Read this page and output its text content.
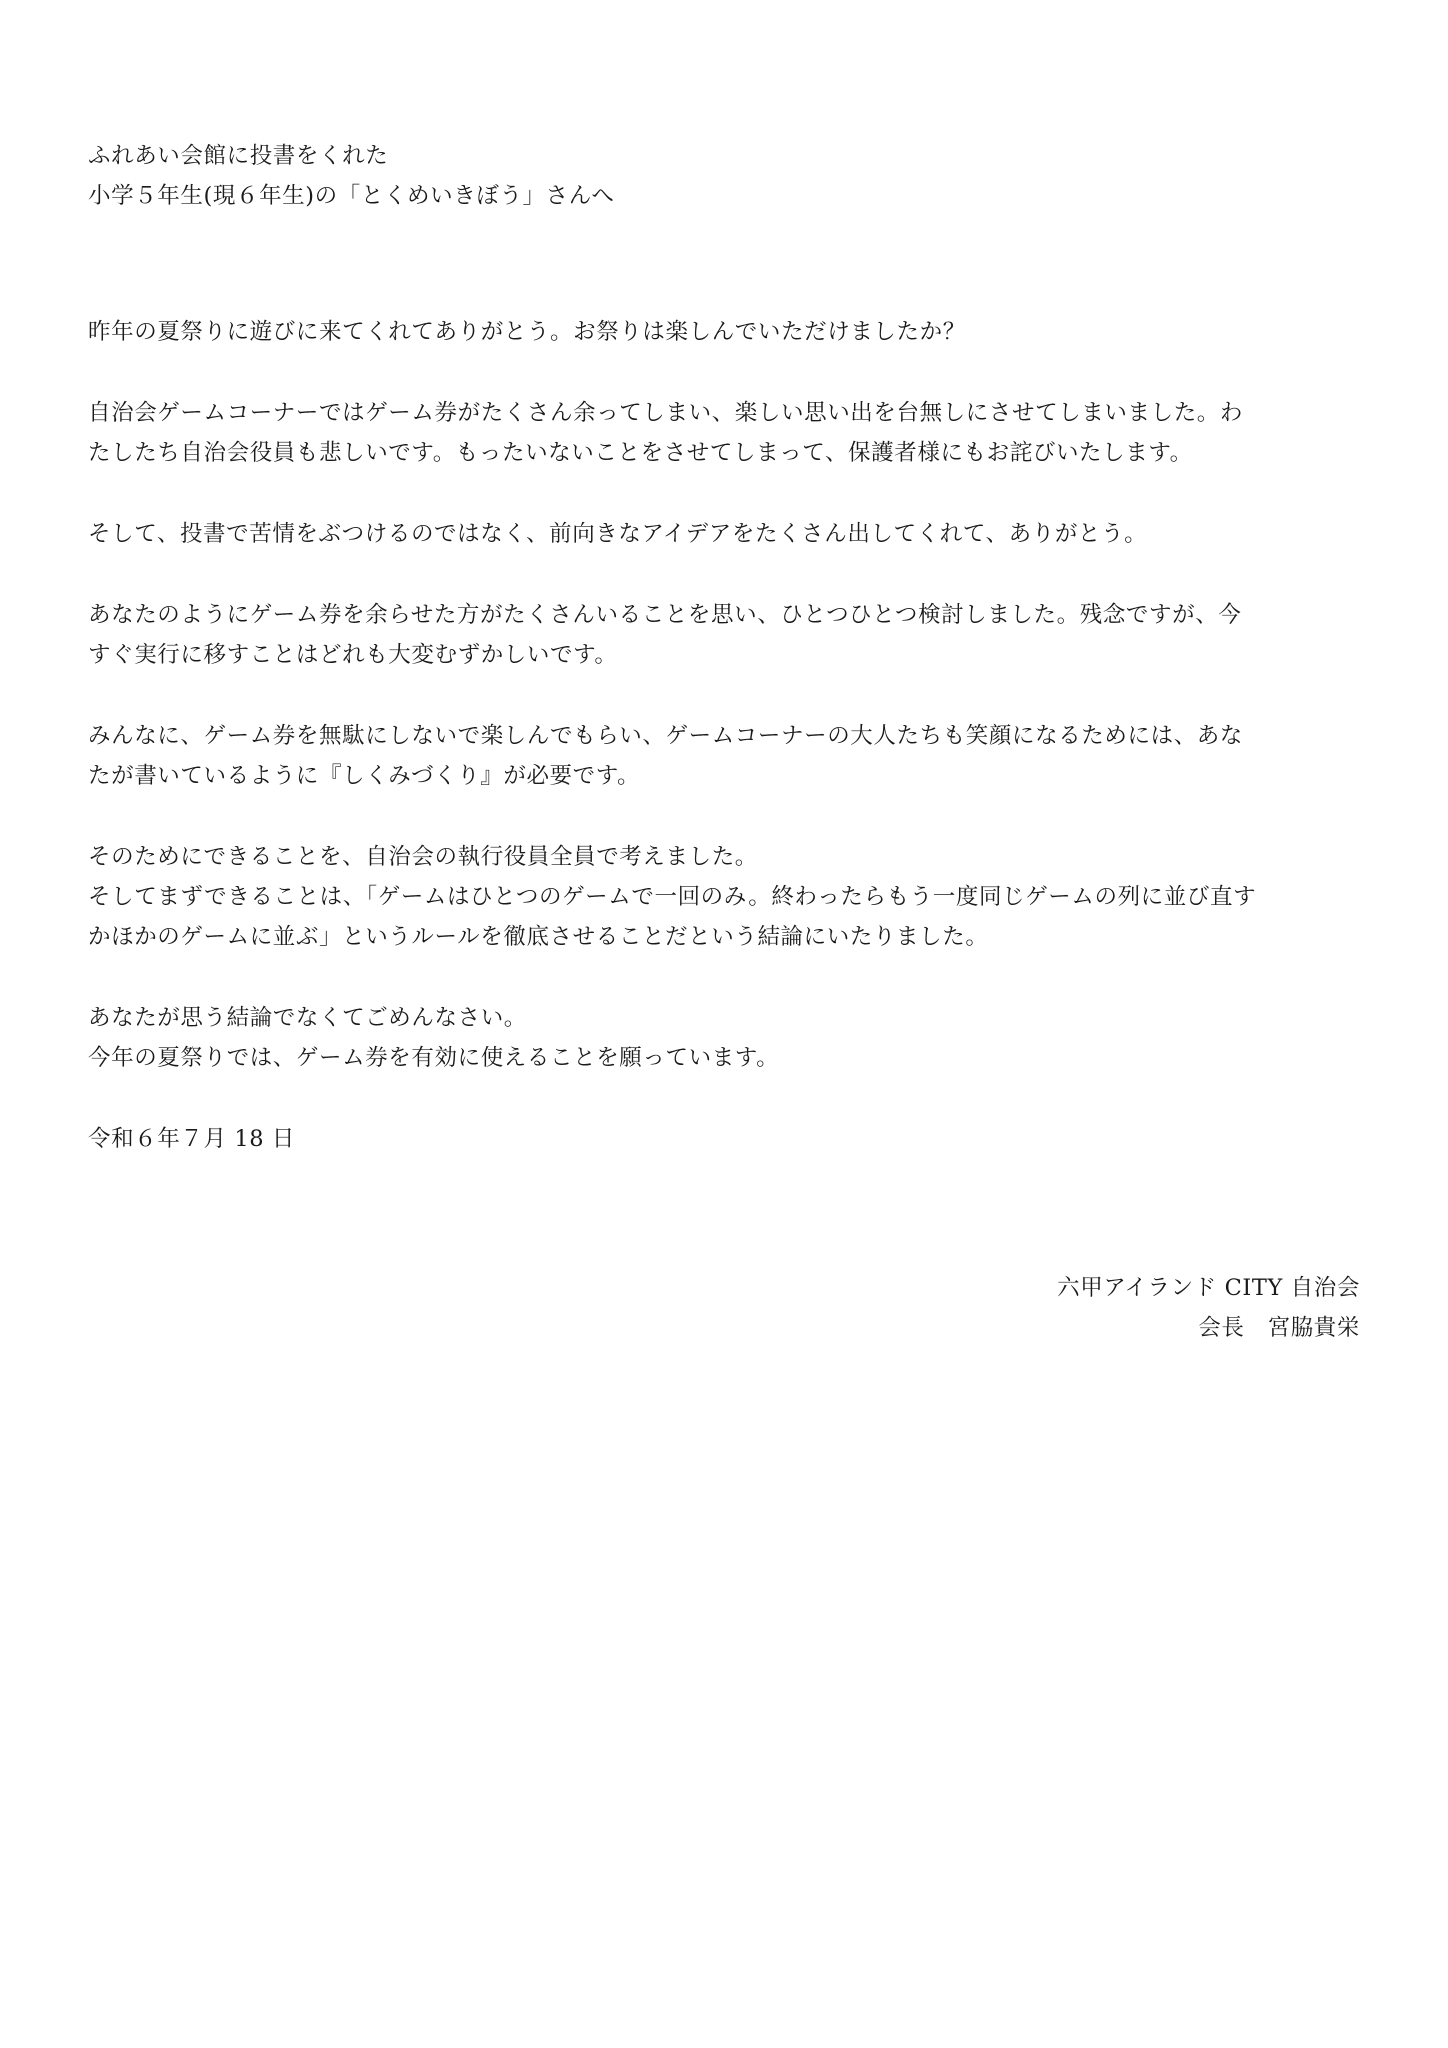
ふれあい会館に投書をくれた
小学５年生(現６年生)の「とくめいきぼう」さんへ
昨年の夏祭りに遊びに来てくれてありがとう。お祭りは楽しんでいただけましたか？
自治会ゲームコーナーではゲーム券がたくさん余ってしまい、楽しい思い出を台無しにさせてしまいました。わ
たしたち自治会役員も悲しいです。もったいないことをさせてしまって、保護者様にもお詫びいたします。
そして、投書で苦情をぶつけるのではなく、前向きなアイデアをたくさん出してくれて、ありがとう。
あなたのようにゲーム券を余らせた方がたくさんいることを思い、ひとつひとつ検討しました。残念ですが、今
すぐ実行に移すことはどれも大変むずかしいです。
みんなに、ゲーム券を無駄にしないで楽しんでもらい、ゲームコーナーの大人たちも笑顔になるためには、あな
たが書いているように『しくみづくり』が必要です。
そのためにできることを、自治会の執行役員全員で考えました。
そしてまずできることは、「ゲームはひとつのゲームで一回のみ。終わったらもう一度同じゲームの列に並び直す
かほかのゲームに並ぶ」というルールを徹底させることだという結論にいたりました。
あなたが思う結論でなくてごめんなさい。
今年の夏祭りでは、ゲーム券を有効に使えることを願っています。
令和６年７月 18 日
六甲アイランド CITY 自治会
会長　宮脇貴栄
